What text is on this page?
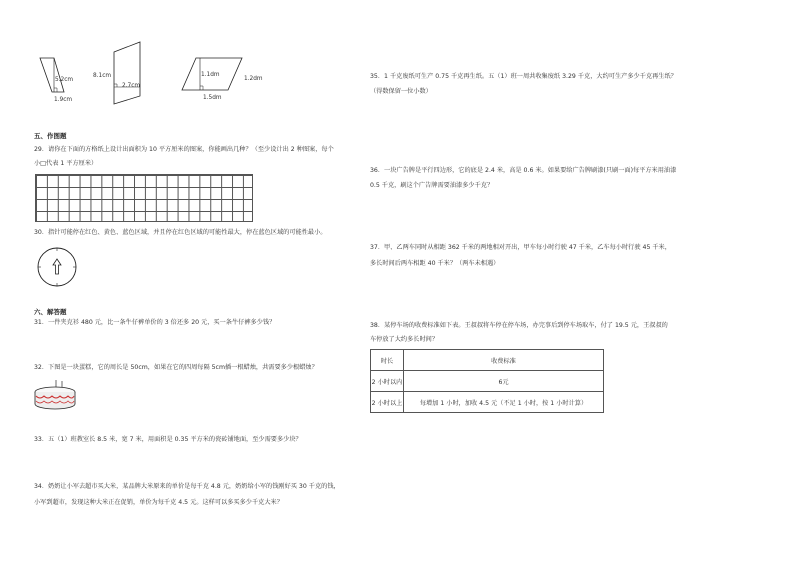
5.2cm
1.9cm
8.1cm
2.7cm
1.1dm
1.2dm
1.5dm
五、作图题
29．请你在下面的方格纸上设计出面积为 10 平方厘米的图案，你能画出几种？（至少设计出 2 种图案，每个
小□代表 1 平方厘米）
30．指针可能停在红色、黄色、蓝色区域，并且停在红色区域的可能性最大，停在蓝色区域的可能性最小。
六、解答题
31．一件夹克衫 480 元，比一条牛仔裤单价的 3 倍还多 20 元，买一条牛仔裤多少钱？
32．下图是一块蛋糕，它的周长是 50cm，如果在它的四周每隔 5cm插一根蜡烛，共需要多少根蜡烛？
33．五（1）班教室长 8.5 米，宽 7 米，用面积是 0.35 平方米的瓷砖铺地面，至少需要多少块？
34．奶奶让小军去超市买大米，某品牌大米原来的单价是每千克 4.8 元，奶奶给小军的钱刚好买 30 千克的钱，
小军到超市，发现这种大米正在促销，单价为每千克 4.5 元。这样可以多买多少千克大米？
35．1 千克废纸可生产 0.75 千克再生纸。五（1）班一周共收集废纸 3.29 千克，大约可生产多少千克再生纸？
（得数保留一位小数）
36．一块广告牌是平行四边形，它的底是 2.4 米，高是 0.6 米。如果要给广告牌刷漆(只刷一面)每平方米用油漆
0.5 千克，刷这个广告牌需要油漆多少千克？
37．甲、乙两车同时从相距 362 千米的两地相对开出，甲车每小时行驶 47 千米，乙车每小时行驶 45 千米，
多长时间后两车相距 40 千米？（两车未相遇）
38．某停车场的收费标准如下表。王叔叔将车停在停车场，办完事后到停车场取车，付了 19.5 元，王叔叔的
车停放了大约多长时间？
时长	收费标准
2 小时以内	6元
2 小时以上	每增加 1 小时，加收 4.5 元（不足 1 小时，按 1 小时计算）
